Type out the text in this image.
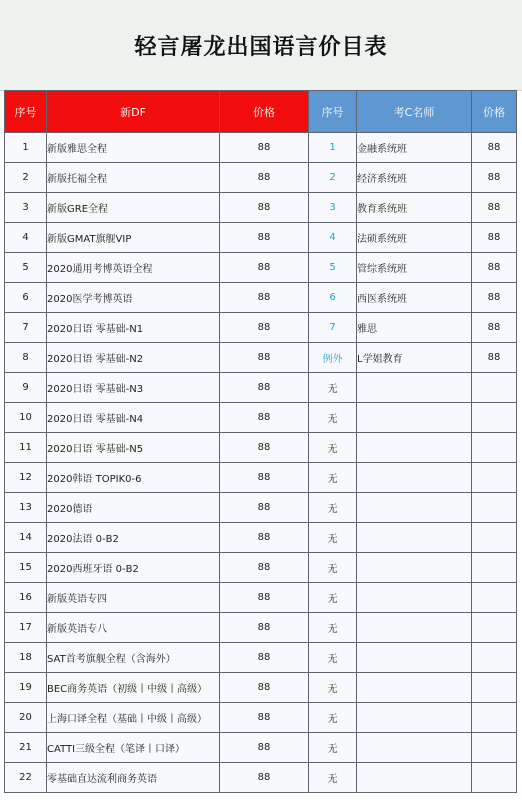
轻言屠龙出国语言价目表
序号	新DF	价格	序号	考C名师	价格
1	新版雅思全程	88	1	金融系统班	88
2	新版托福全程	88	2	经济系统班	88
3	新版GRE全程	88	3	教育系统班	88
4	新版GMAT旗舰VIP	88	4	法硕系统班	88
5	2020通用考博英语全程	88	5	管综系统班	88
6	2020医学考博英语	88	6	西医系统班	88
7	2020日语 零基础-N1	88	7	雅思	88
8	2020日语 零基础-N2	88	例外	L学姐教育	88
9	2020日语 零基础-N3	88	无		
10	2020日语 零基础-N4	88	无		
11	2020日语 零基础-N5	88	无		
12	2020韩语 TOPIK0-6	88	无		
13	2020德语	88	无		
14	2020法语 0-B2	88	无		
15	2020西班牙语 0-B2	88	无		
16	新版英语专四	88	无		
17	新版英语专八	88	无		
18	SAT首考旗舰全程（含海外）	88	无		
19	BEC商务英语（初级丨中级丨高级）	88	无		
20	上海口译全程（基础丨中级丨高级）	88	无		
21	CATTI三级全程（笔译丨口译）	88	无		
22	零基础直达流利商务英语	88	无		
